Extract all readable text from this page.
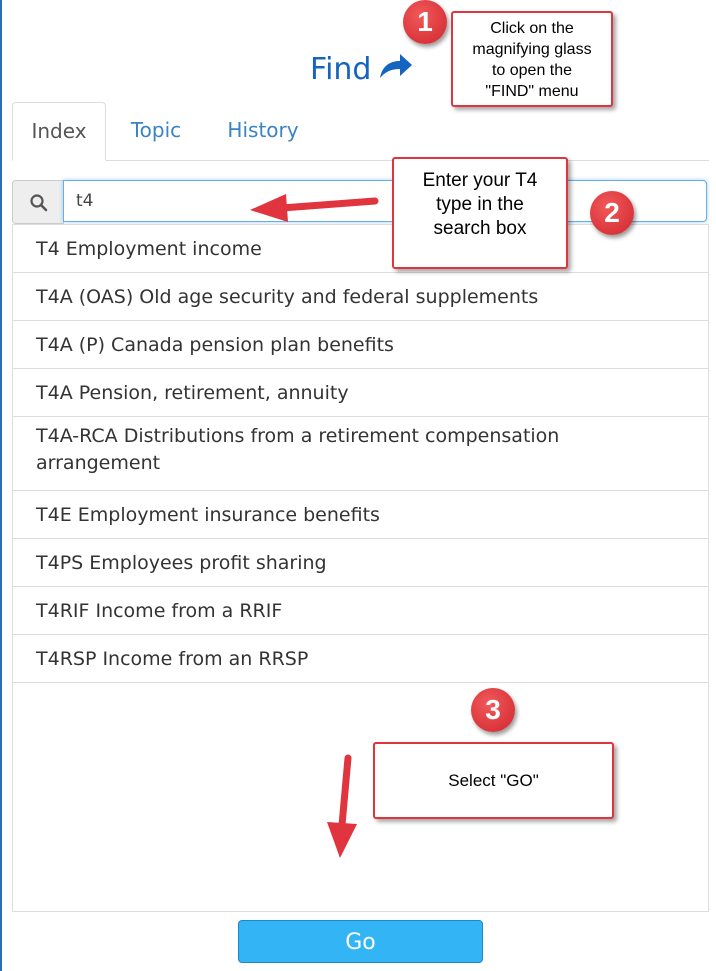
Find
Index	Topic	History
t4
T4 Employment income
T4A (OAS) Old age security and federal supplements
T4A (P) Canada pension plan benefits
T4A Pension, retirement, annuity
T4A-RCA Distributions from a retirement compensation arrangement
T4E Employment insurance benefits
T4PS Employees profit sharing
T4RIF Income from a RRIF
T4RSP Income from an RRSP
Go
1	Click on the
magnifying glass
to open the
"FIND" menu
Enter your T4
type in the
search box
2
3
Select "GO"
